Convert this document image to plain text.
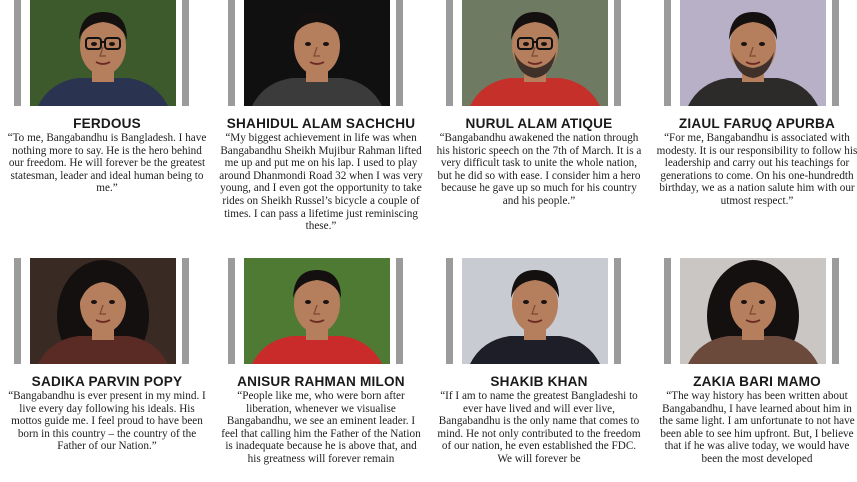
FERDOUS
“To me, Bangabandhu is Bangladesh. I have nothing more to say. He is the hero behind our freedom. He will forever be the greatest statesman, leader and ideal human being to me.”
SHAHIDUL ALAM SACHCHU
“My biggest achievement in life was when Bangabandhu Sheikh Mujibur Rahman lifted me up and put me on his lap. I used to play around Dhanmondi Road 32 when I was very young, and I even got the opportunity to take rides on Sheikh Russel’s bicycle a couple of times. I can pass a lifetime just reminiscing these.”
NURUL ALAM ATIQUE
“Bangabandhu awakened the nation through his historic speech on the 7th of March. It is a very difficult task to unite the whole nation, but he did so with ease. I consider him a hero because he gave up so much for his country and his people.”
ZIAUL FARUQ APURBA
“For me, Bangabandhu is associated with modesty. It is our responsibility to follow his leadership and carry out his teachings for generations to come. On his one-hundredth birthday, we as a nation salute him with our utmost respect.”
SADIKA PARVIN POPY
“Bangabandhu is ever present in my mind. I live every day following his ideals. His mottos guide me. I feel proud to have been born in this country – the country of the Father of our Nation.”
ANISUR RAHMAN MILON
“People like me, who were born after liberation, whenever we visualise Bangabandhu, we see an eminent leader. I feel that calling him the Father of the Nation is inadequate because he is above that, and his greatness will forever remain
SHAKIB KHAN
“If I am to name the greatest Bangladeshi to ever have lived and will ever live, Bangabandhu is the only name that comes to mind. He not only contributed to the freedom of our nation, he even established the FDC. We will forever be
ZAKIA BARI MAMO
“The way history has been written about Bangabandhu, I have learned about him in the same light. I am unfortunate to not have been able to see him upfront. But, I believe that if he was alive today, we would have been the most developed
